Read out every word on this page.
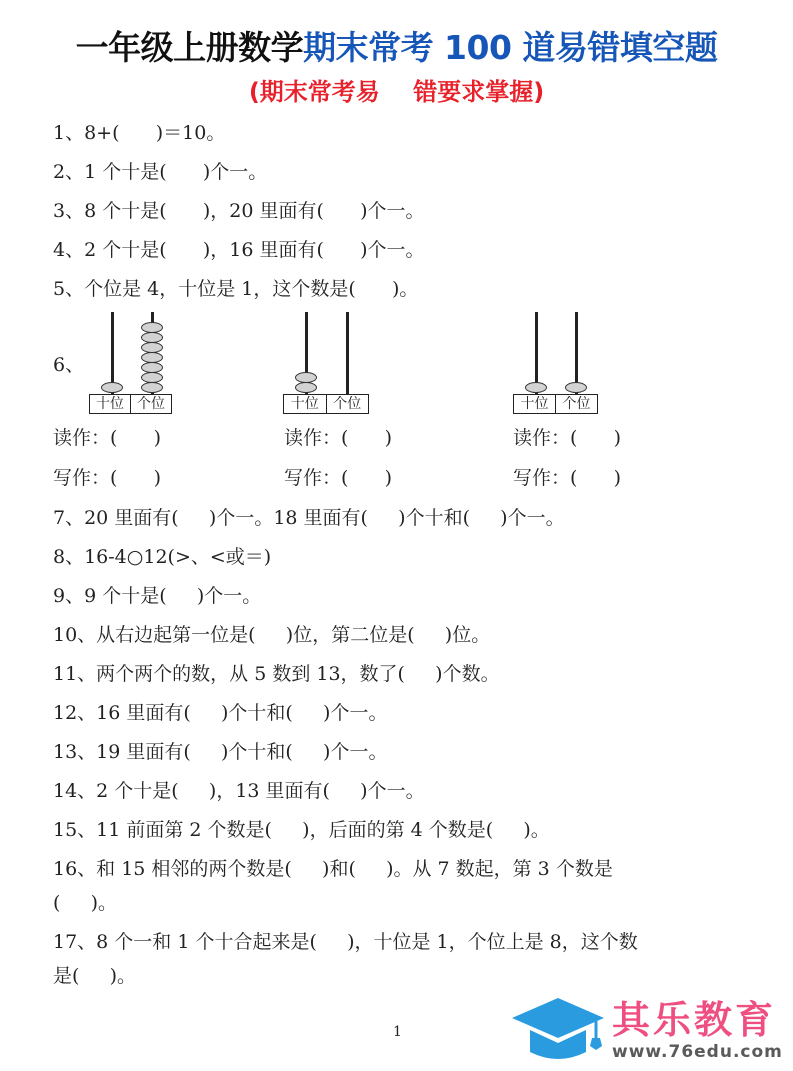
一年级上册数学期末常考 100 道易错填空题
(期末常考易    错要求掌握)
1、8+(      )＝10。
2、1 个十是(      )个一。
3、8 个十是(      )，20 里面有(      )个一。
4、2 个十是(      )，16 里面有(      )个一。
5、个位是 4，十位是 1，这个数是(      )。
6、
十位 个位	十位	个位	十位	个位
读作：(      )	读作：(      )	读作：(      )
写作：(      )	写作：(      )	写作：(      )
7、20 里面有(     )个一。18 里面有(     )个十和(     )个一。
8、16-4○12(>、<或＝)
9、9 个十是(     )个一。
10、从右边起第一位是(     )位，第二位是(     )位。
11、两个两个的数，从 5 数到 13，数了(     )个数。
12、16 里面有(     )个十和(     )个一。
13、19 里面有(     )个十和(     )个一。
14、2 个十是(     )，13 里面有(     )个一。
15、11 前面第 2 个数是(     )，后面的第 4 个数是(     )。
16、和 15 相邻的两个数是(     )和(     )。从 7 数起，第 3 个数是
(     )。
17、8 个一和 1 个十合起来是(     )，十位是 1，个位上是 8，这个数
是(     )。
1	其乐教育
www.76edu.com
